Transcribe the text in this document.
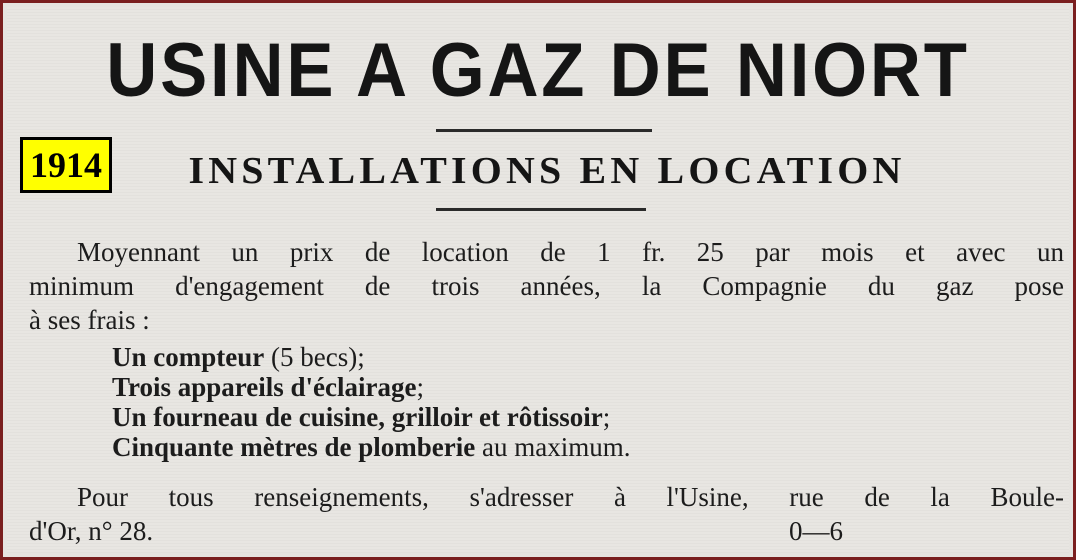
USINE A GAZ DE NIORT
1914	INSTALLATIONS EN LOCATION
Moyennant un prix de location de 1 fr. 25 par mois et avec un
minimum d'engagement de trois années, la Compagnie du gaz pose
à ses frais :
Un compteur (5 becs);
Trois appareils d'éclairage;
Un fourneau de cuisine, grilloir et rôtissoir;
Cinquante mètres de plomberie au maximum.
Pour tous renseignements, s'adresser à l'Usine, rue de la Boule-
d'Or, n° 28.	0—6
